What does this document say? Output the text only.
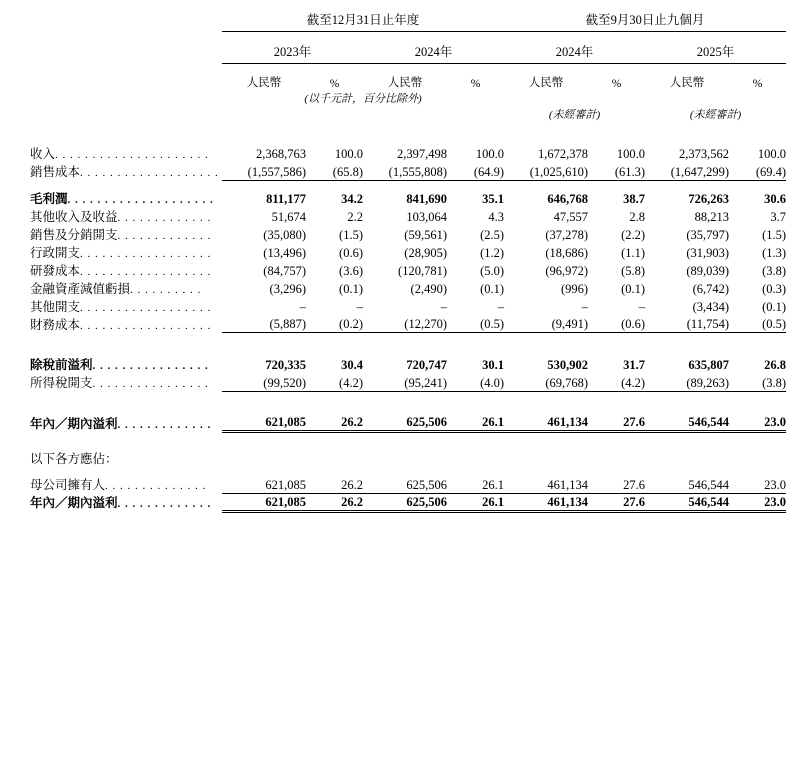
	截至12月31日止年度				截至9月30日止九個月			

	2023年		2024年		2024年		2025年	

	人民幣	%	人民幣	%	人民幣	%	人民幣	%
	(以千元計，百分比除外)							
					(未經審計)		(未經審計)	

收入. . . . . . . . . . . . . . . . . . . . .	2,368,763	100.0	2,397,498	100.0	1,672,378	100.0	2,373,562	100.0
銷售成本. . . . . . . . . . . . . . . . . . .	(1,557,586)	(65.8)	(1,555,808)	(64.9)	(1,025,610)	(61.3)	(1,647,299)	(69.4)

毛利潤. . . . . . . . . . . . . . . . . . . .	811,177	34.2	841,690	35.1	646,768	38.7	726,263	30.6
其他收入及收益. . . . . . . . . . . . .	51,674	2.2	103,064	4.3	47,557	2.8	88,213	3.7
銷售及分銷開支. . . . . . . . . . . . .	(35,080)	(1.5)	(59,561)	(2.5)	(37,278)	(2.2)	(35,797)	(1.5)
行政開支. . . . . . . . . . . . . . . . . .	(13,496)	(0.6)	(28,905)	(1.2)	(18,686)	(1.1)	(31,903)	(1.3)
研發成本. . . . . . . . . . . . . . . . . .	(84,757)	(3.6)	(120,781)	(5.0)	(96,972)	(5.8)	(89,039)	(3.8)
金融資產減值虧損. . . . . . . . . .	(3,296)	(0.1)	(2,490)	(0.1)	(996)	(0.1)	(6,742)	(0.3)
其他開支. . . . . . . . . . . . . . . . . .	–	–	–	–	–	–	(3,434)	(0.1)
財務成本. . . . . . . . . . . . . . . . . .	(5,887)	(0.2)	(12,270)	(0.5)	(9,491)	(0.6)	(11,754)	(0.5)

除稅前溢利. . . . . . . . . . . . . . . .	720,335	30.4	720,747	30.1	530,902	31.7	635,807	26.8
所得稅開支. . . . . . . . . . . . . . . .	(99,520)	(4.2)	(95,241)	(4.0)	(69,768)	(4.2)	(89,263)	(3.8)

年內／期內溢利. . . . . . . . . . . . .	621,085	26.2	625,506	26.1	461,134	27.6	546,544	23.0

以下各方應佔：								

母公司擁有人. . . . . . . . . . . . . .	621,085	26.2	625,506	26.1	461,134	27.6	546,544	23.0
年內／期內溢利. . . . . . . . . . . . .	621,085	26.2	625,506	26.1	461,134	27.6	546,544	23.0
